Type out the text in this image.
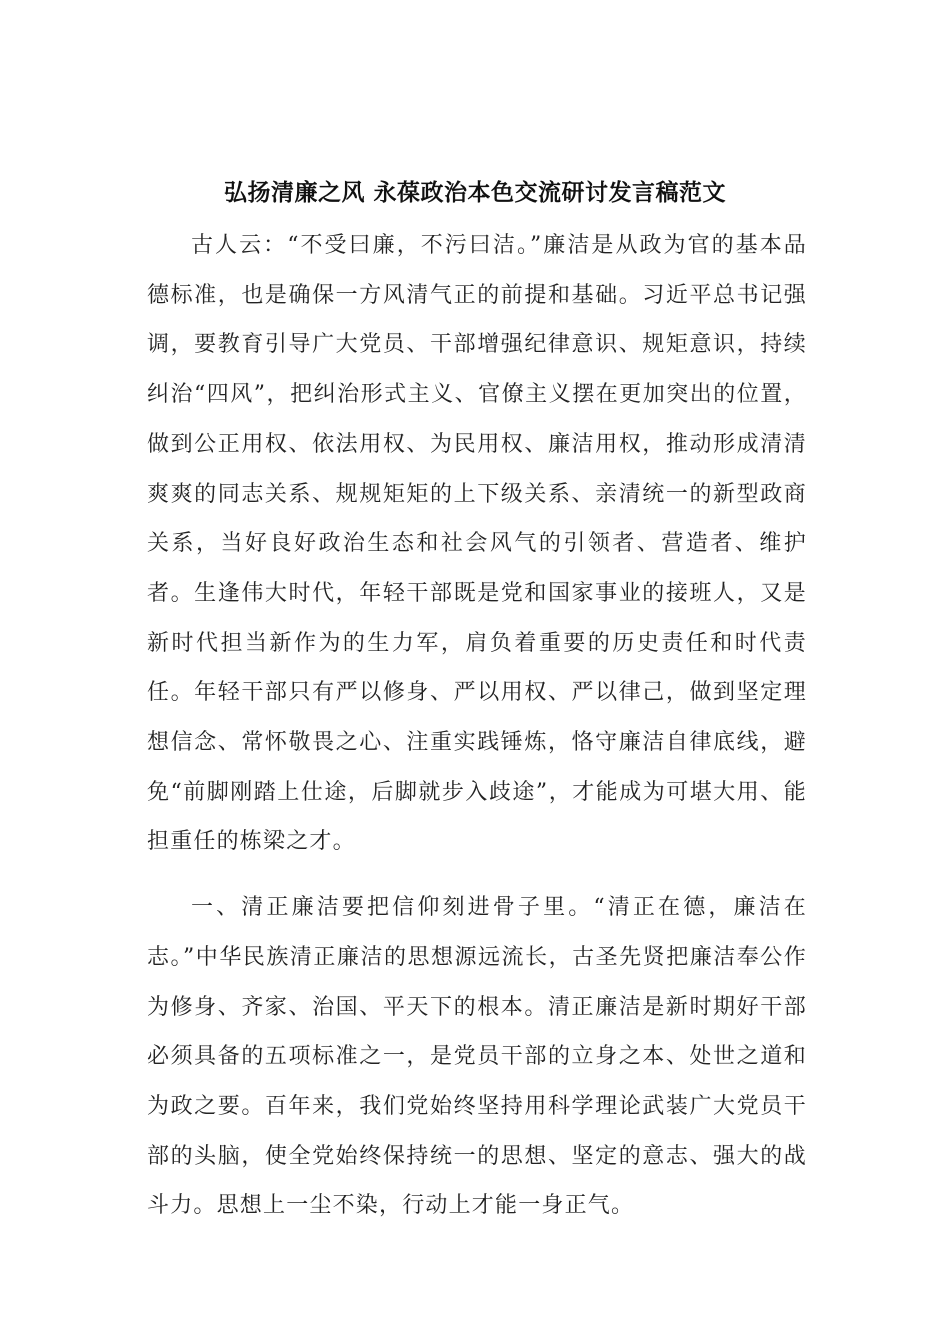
弘扬清廉之风 永葆政治本色交流研讨发言稿范文

古人云：“不受曰廉，不污曰洁。”廉洁是从政为官的基本品德标准，也是确保一方风清气正的前提和基础。习近平总书记强调，要教育引导广大党员、干部增强纪律意识、规矩意识，持续纠治“四风”，把纠治形式主义、官僚主义摆在更加突出的位置，做到公正用权、依法用权、为民用权、廉洁用权，推动形成清清爽爽的同志关系、规规矩矩的上下级关系、亲清统一的新型政商关系，当好良好政治生态和社会风气的引领者、营造者、维护者。生逢伟大时代，年轻干部既是党和国家事业的接班人，又是新时代担当新作为的生力军，肩负着重要的历史责任和时代责任。年轻干部只有严以修身、严以用权、严以律己，做到坚定理想信念、常怀敬畏之心、注重实践锤炼，恪守廉洁自律底线，避免“前脚刚踏上仕途，后脚就步入歧途”，才能成为可堪大用、能担重任的栋梁之才。

一、清正廉洁要把信仰刻进骨子里。“清正在德，廉洁在志。”中华民族清正廉洁的思想源远流长，古圣先贤把廉洁奉公作为修身、齐家、治国、平天下的根本。清正廉洁是新时期好干部必须具备的五项标准之一，是党员干部的立身之本、处世之道和为政之要。百年来，我们党始终坚持用科学理论武装广大党员干部的头脑，使全党始终保持统一的思想、坚定的意志、强大的战斗力。思想上一尘不染，行动上才能一身正气。
